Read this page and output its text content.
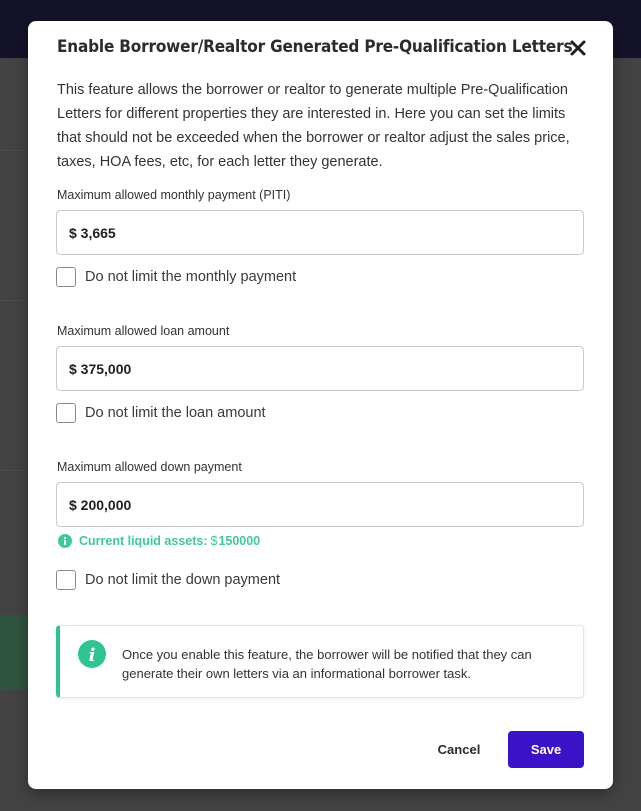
Enable Borrower/Realtor Generated Pre-Qualification Letters

This feature allows the borrower or realtor to generate multiple Pre-Qualification Letters for different properties they are interested in. Here you can set the limits that should not be exceeded when the borrower or realtor adjust the sales price, taxes, HOA fees, etc, for each letter they generate.

Maximum allowed monthly payment (PITI)
$ 3,665
Do not limit the monthly payment
Maximum allowed loan amount
$ 375,000
Do not limit the loan amount
Maximum allowed down payment
$ 200,000
Current liquid assets: $ 150000
Do not limit the down payment
i Once you enable this feature, the borrower will be notified that they can generate their own letters via an informational borrower task.

Cancel	Save
